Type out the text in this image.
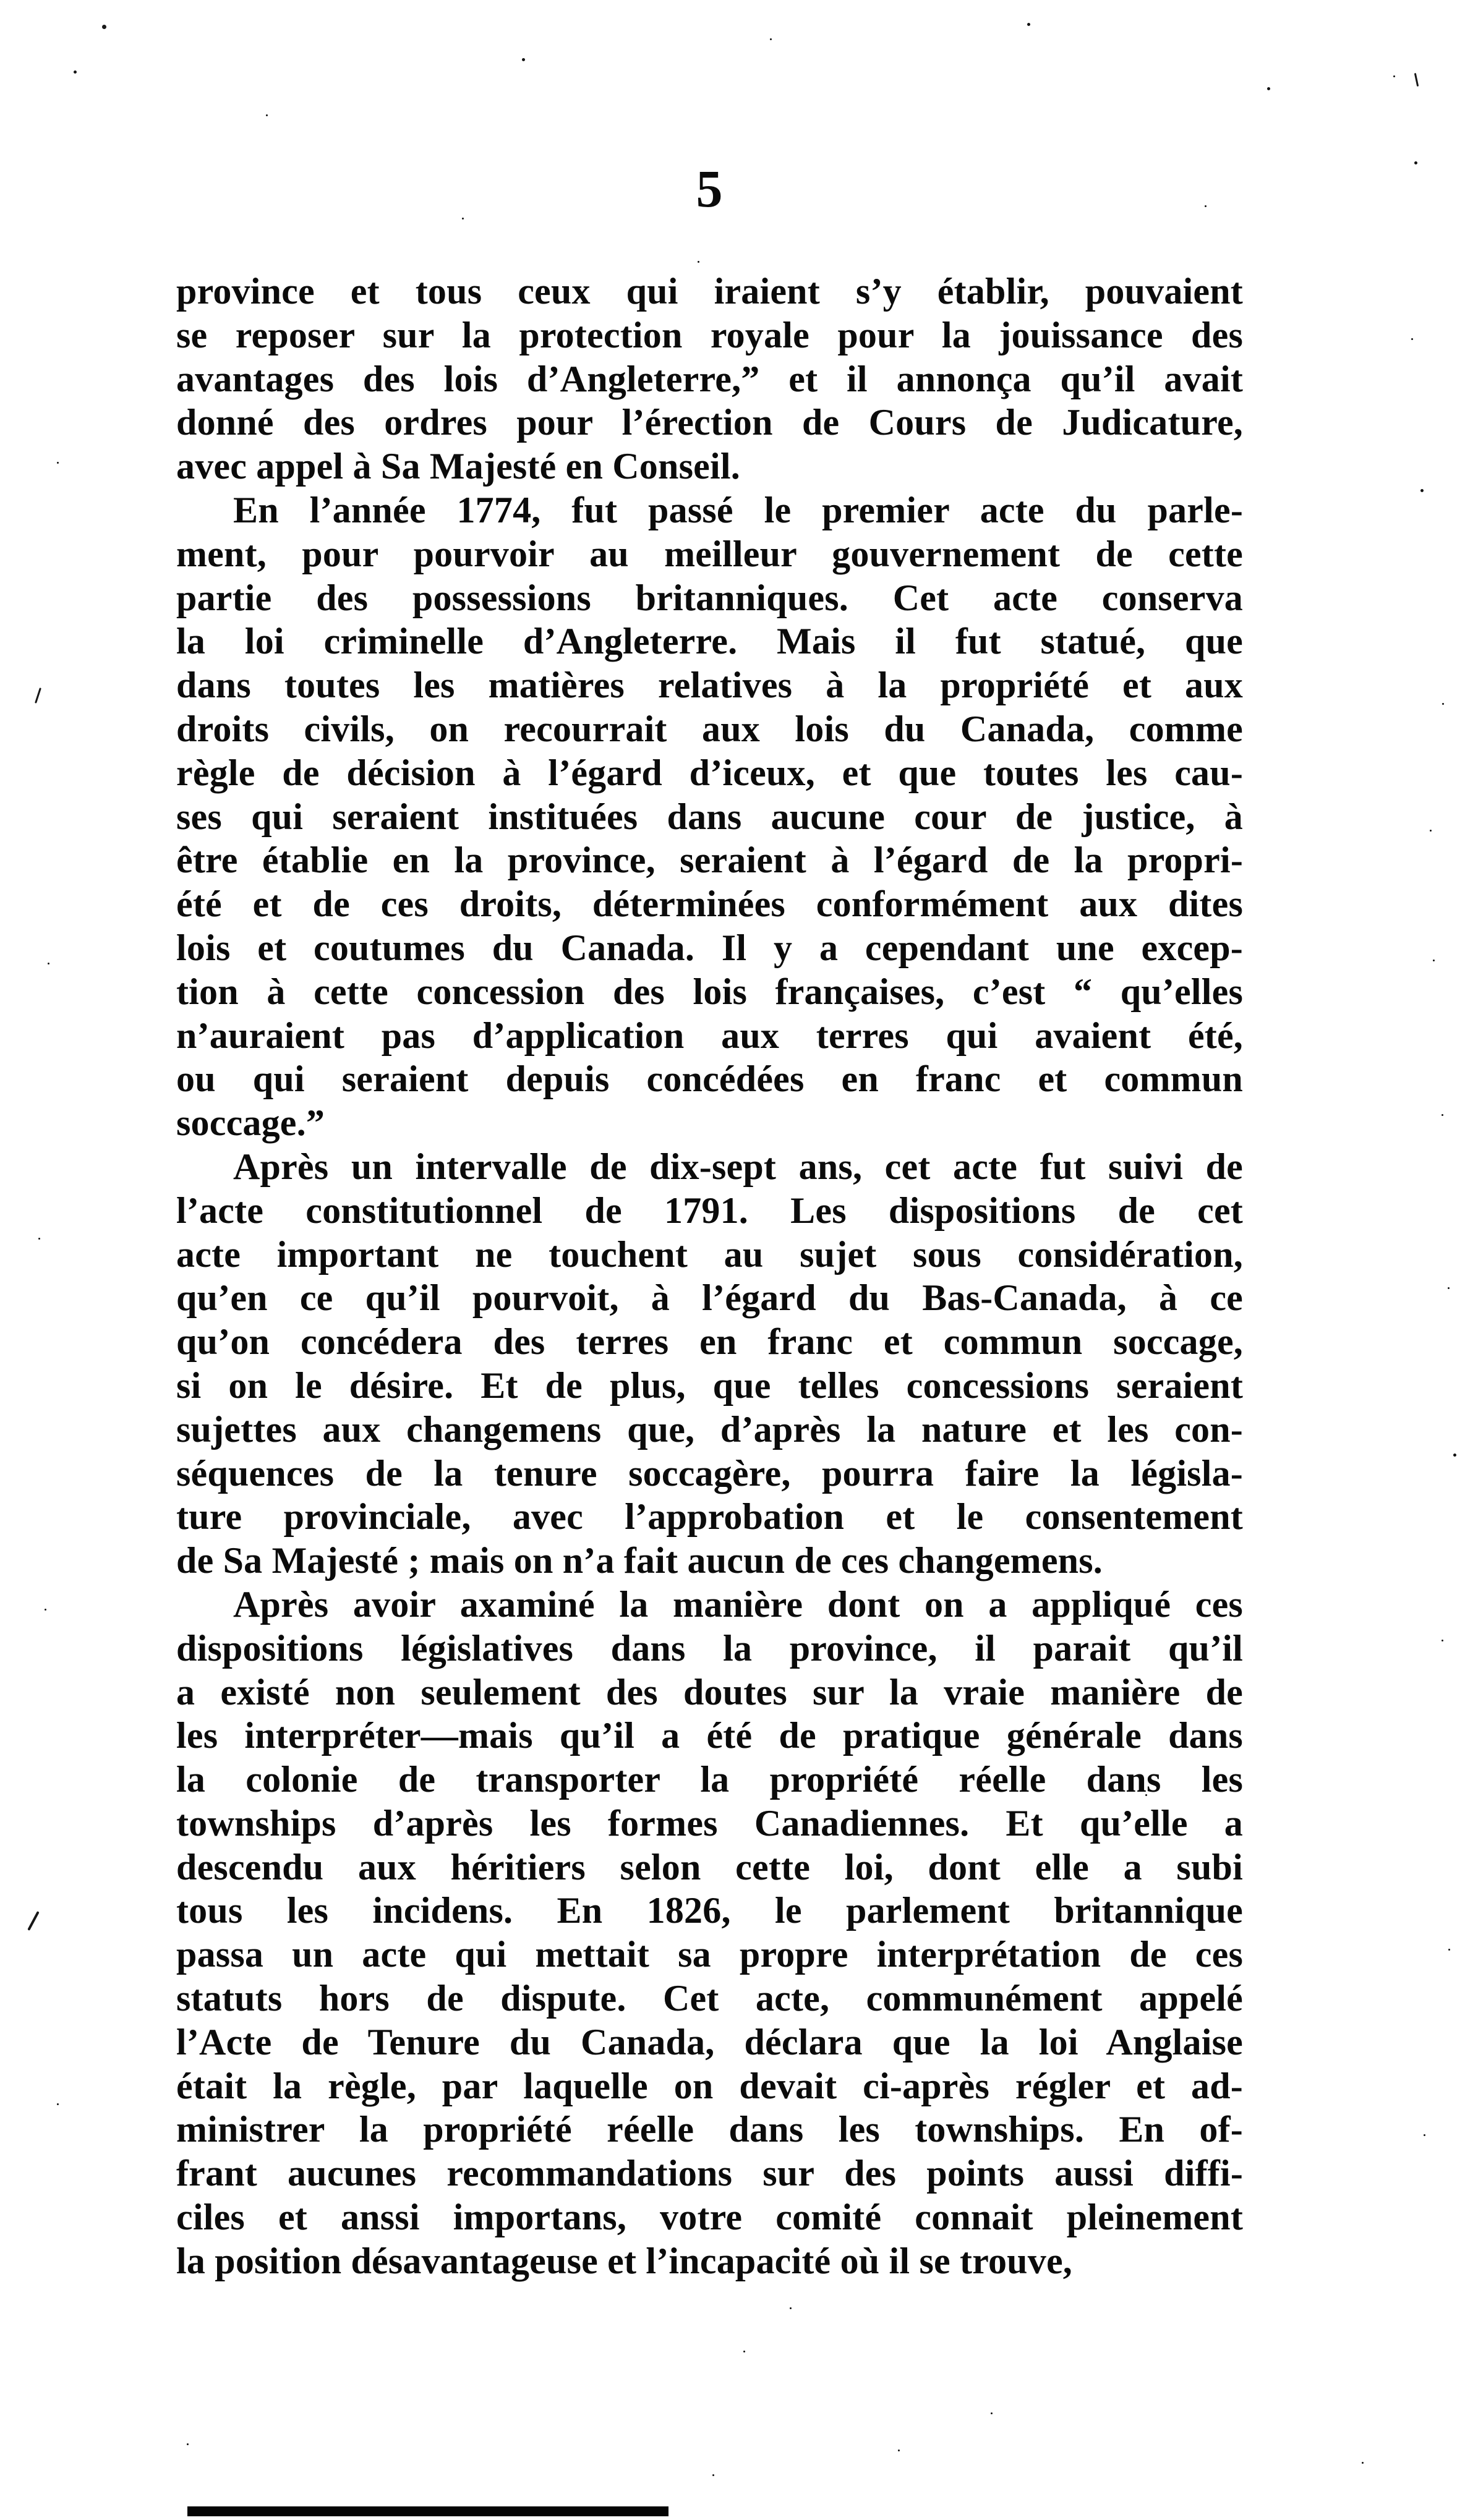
5
province et tous ceux qui iraient s’y établir, pouvaient
se reposer sur la protection royale pour la jouissance des
avantages des lois d’Angleterre,” et il annonça qu’il avait
donné des ordres pour l’érection de Cours de Judicature,
avec appel à Sa Majesté en Conseil.
En l’année 1774, fut passé le premier acte du parle-
ment, pour pourvoir au meilleur gouvernement de cette
partie des possessions britanniques. Cet acte conserva
la loi criminelle d’Angleterre. Mais il fut statué, que
dans toutes les matières relatives à la propriété et aux
droits civils, on recourrait aux lois du Canada, comme
règle de décision à l’égard d’iceux, et que toutes les cau-
ses qui seraient instituées dans aucune cour de justice, à
être établie en la province, seraient à l’égard de la propri-
été et de ces droits, déterminées conformément aux dites
lois et coutumes du Canada. Il y a cependant une excep-
tion à cette concession des lois françaises, c’est “ qu’elles
n’auraient pas d’application aux terres qui avaient été,
ou qui seraient depuis concédées en franc et commun
soccage.”
Après un intervalle de dix-sept ans, cet acte fut suivi de
l’acte constitutionnel de 1791. Les dispositions de cet
acte important ne touchent au sujet sous considération,
qu’en ce qu’il pourvoit, à l’égard du Bas-Canada, à ce
qu’on concédera des terres en franc et commun soccage,
si on le désire. Et de plus, que telles concessions seraient
sujettes aux changemens que, d’après la nature et les con-
séquences de la tenure soccagère, pourra faire la législa-
ture provinciale, avec l’approbation et le consentement
de Sa Majesté ; mais on n’a fait aucun de ces changemens.
Après avoir axaminé la manière dont on a appliqué ces
dispositions législatives dans la province, il parait qu’il
a existé non seulement des doutes sur la vraie manière de
les interpréter—mais qu’il a été de pratique générale dans
la colonie de transporter la propriété réelle dans les
townships d’après les formes Canadiennes. Et qu’elle a
descendu aux héritiers selon cette loi, dont elle a subi
tous les incidens. En 1826, le parlement britannique
passa un acte qui mettait sa propre interprétation de ces
statuts hors de dispute. Cet acte, communément appelé
l’Acte de Tenure du Canada, déclara que la loi Anglaise
était la règle, par laquelle on devait ci-après régler et ad-
ministrer la propriété réelle dans les townships. En of-
frant aucunes recommandations sur des points aussi diffi-
ciles et anssi importans, votre comité connait pleinement
la position désavantageuse et l’incapacité où il se trouve,
